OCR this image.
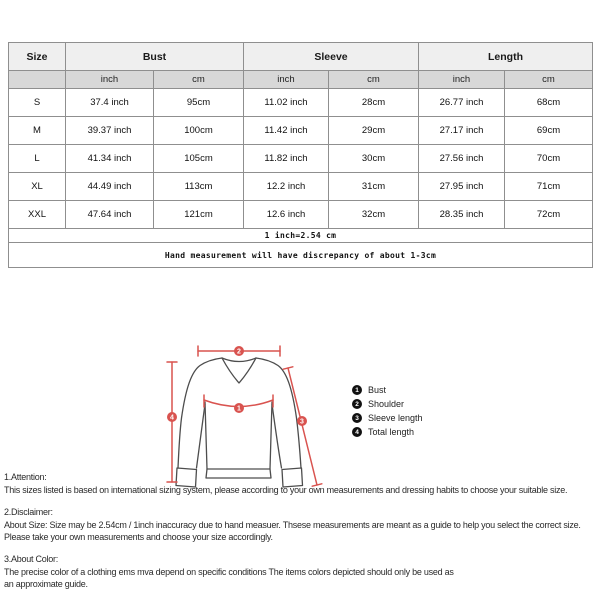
Size	Bust		Sleeve		Length	
	inch	cm	inch	cm	inch	cm
S	37.4 inch	95cm	11.02 inch	28cm	26.77 inch	68cm
M	39.37 inch	100cm	11.42 inch	29cm	27.17 inch	69cm
L	41.34 inch	105cm	11.82 inch	30cm	27.56 inch	70cm
XL	44.49 inch	113cm	12.2 inch	31cm	27.95 inch	71cm
XXL	47.64 inch	121cm	12.6 inch	32cm	28.35 inch	72cm
1 inch=2.54 cm						
Hand measurement will have discrepancy of about 1-3cm						
2
1
3
4
1	Bust
2	Shoulder
3	Sleeve length
4	Total length

1.Attention:

This sizes listed is based on international sizing system, please according to your own measurements and dressing habits to choose your suitable size.

2.Disclaimer:

About Size: Size may be 2.54cm / 1inch inaccuracy due to hand measuer. Thsese measurements are meant as a guide to help you select the correct size.

Please take your own measurements and choose your size accordingly.

3.About Color:

The precise color of a clothing ems mva depend on specific conditions The items colors depicted should only be used as

an approximate guide.
